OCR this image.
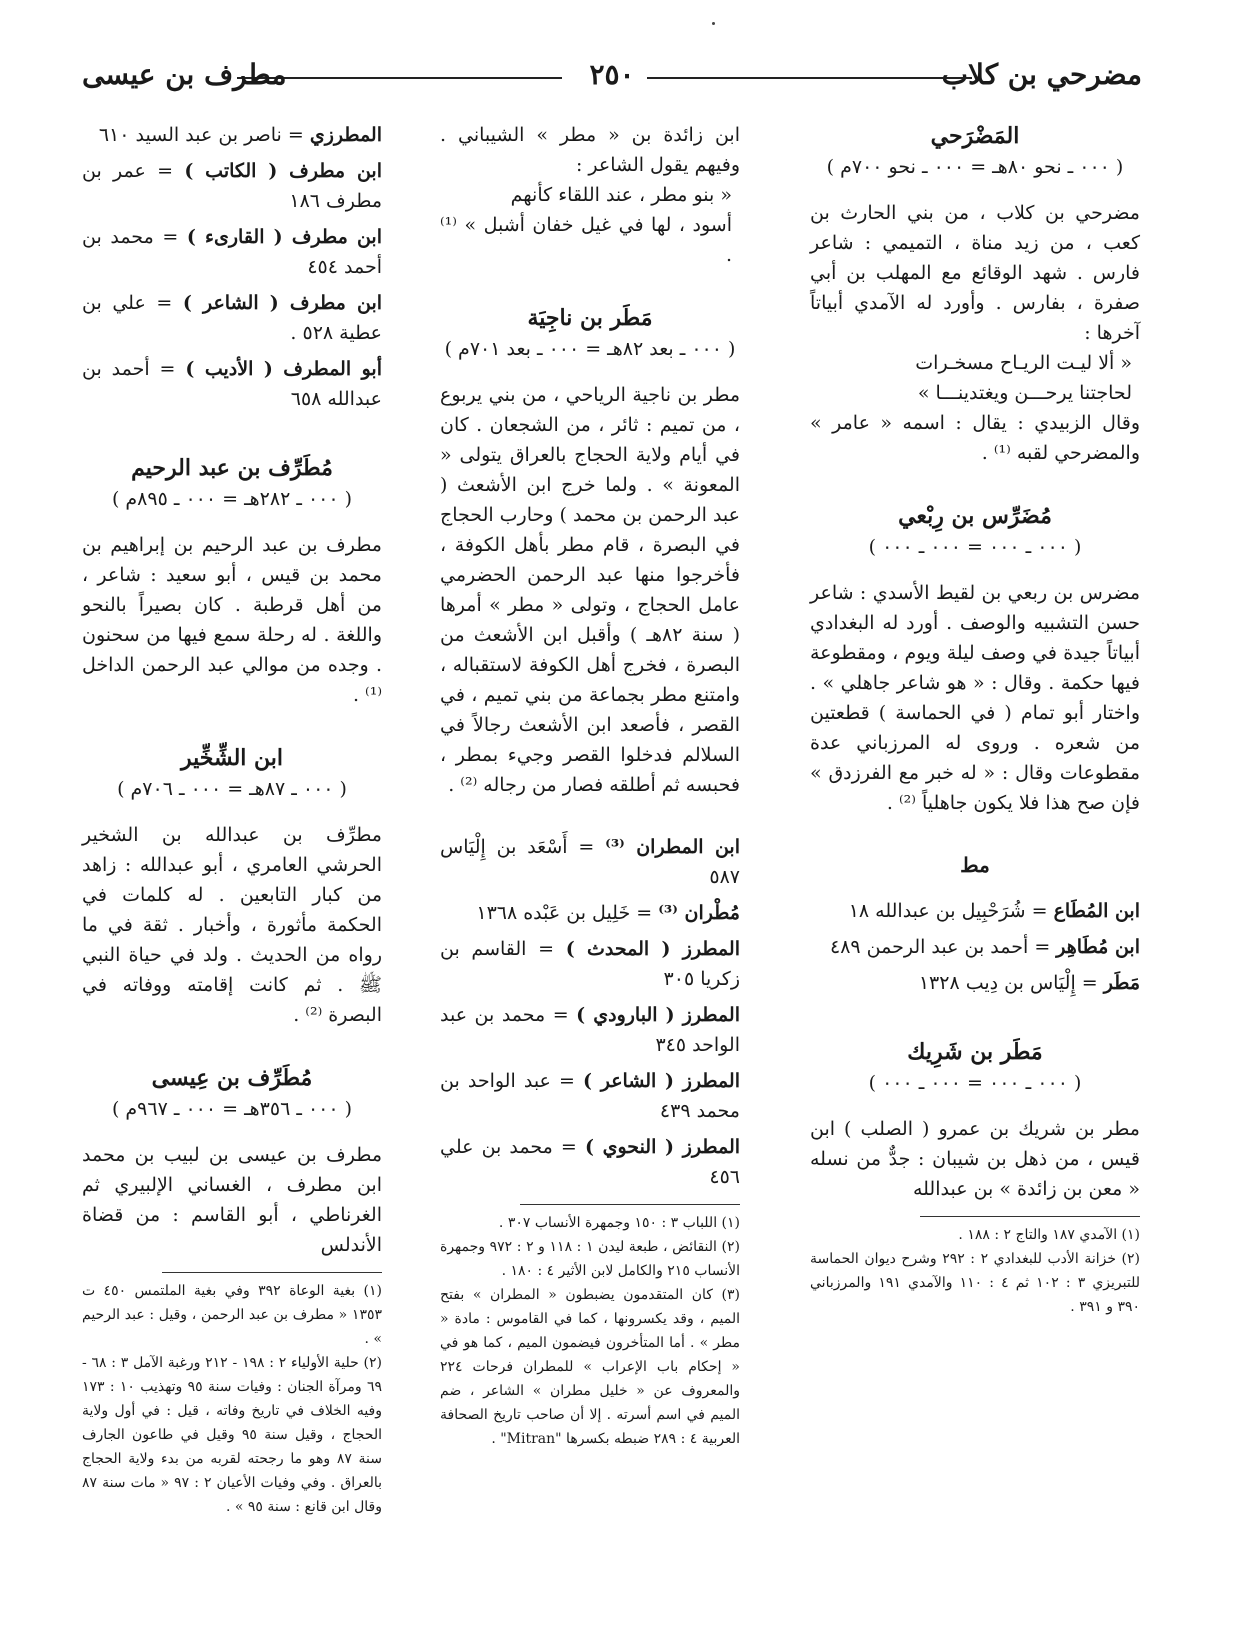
مضرحي بن كلاب
٢٥٠
مطرف بن عيسى
المَضْرَحي
( ٠٠٠ ـ نحو ٨٠هـ = ٠٠٠ ـ نحو ٧٠٠م )

مضرحي بن كلاب ، من بني الحارث بن كعب ، من زيد مناة ، التميمي : شاعر فارس . شهد الوقائع مع المهلب بن أبي صفرة ، بفارس . وأورد له الآمدي أبياتاً آخرها :

« ألا ليـت الريـاح مسخـرات
لحاجتنا يرحـــن ويغتدينـــا »

وقال الزبيدي : يقال : اسمه « عامر » والمضرحي لقبه ⁽¹⁾ .

مُضَرِّس بن رِبْعي
( ٠٠٠ ـ ٠٠٠ = ٠٠٠ ـ ٠٠٠ )

مضرس بن ربعي بن لقيط الأسدي : شاعر حسن التشبيه والوصف . أورد له البغدادي أبياتاً جيدة في وصف ليلة ويوم ، ومقطوعة فيها حكمة . وقال : « هو شاعر جاهلي » . واختار أبو تمام ( في الحماسة ) قطعتين من شعره . وروى له المرزباني عدة مقطوعات وقال : « له خبر مع الفرزدق » فإن صح هذا فلا يكون جاهلياً ⁽²⁾ .

مط
ابن المُطَاع = شُرَحْبِيل بن عبدالله ١٨
ابن مُطَاهِر = أحمد بن عبد الرحمن ٤٨٩
مَطَر = إِلْيَاس بن دِيب ١٣٢٨
مَطَر بن شَرِيك
( ٠٠٠ ـ ٠٠٠ = ٠٠٠ ـ ٠٠٠ )

مطر بن شريك بن عمرو ( الصلب ) ابن قيس ، من ذهل بن شيبان : جدٌّ من نسله « معن بن زائدة » بن عبدالله

(١) الآمدي ١٨٧ والتاج ٢ : ١٨٨ .
(٢) خزانة الأدب للبغدادي ٢ : ٢٩٢ وشرح ديوان الحماسة للتبريزي ٣ : ١٠٢ ثم ٤ : ١١٠ والآمدي ١٩١ والمرزباني ٣٩٠ و ٣٩١ .

ابن زائدة بن « مطر » الشيباني . وفيهم يقول الشاعر :

« بنو مطر ، عند اللقاء كأنهم
أسود ، لها في غيل خفان أشبل » ⁽¹⁾ .
مَطَر بن ناجِيَة
( ٠٠٠ ـ بعد ٨٢هـ = ٠٠٠ ـ بعد ٧٠١م )

مطر بن ناجية الرياحي ، من بني يربوع ، من تميم : ثائر ، من الشجعان . كان في أيام ولاية الحجاج بالعراق يتولى « المعونة » . ولما خرج ابن الأشعث ( عبد الرحمن بن محمد ) وحارب الحجاج في البصرة ، قام مطر بأهل الكوفة ، فأخرجوا منها عبد الرحمن الحضرمي عامل الحجاج ، وتولى « مطر » أمرها ( سنة ٨٢هـ ) وأقبل ابن الأشعث من البصرة ، فخرج أهل الكوفة لاستقباله ، وامتنع مطر بجماعة من بني تميم ، في القصر ، فأصعد ابن الأشعث رجالاً في السلالم فدخلوا القصر وجيء بمطر ، فحبسه ثم أطلقه فصار من رجاله ⁽²⁾ .

ابن المطران ⁽³⁾ = أَسْعَد بن إِلْيَاس ٥٨٧
مُطْران ⁽³⁾ = خَلِيل بن عَبْده ١٣٦٨
المطرز ( المحدث ) = القاسم بن زكريا ٣٠٥
المطرز ( البارودي ) = محمد بن عبد الواحد ٣٤٥
المطرز ( الشاعر ) = عبد الواحد بن محمد ٤٣٩
المطرز ( النحوي ) = محمد بن علي ٤٥٦
(١) اللباب ٣ : ١٥٠ وجمهرة الأنساب ٣٠٧ .
(٢) النقائض ، طبعة ليدن ١ : ١١٨ و ٢ : ٩٧٢ وجمهرة الأنساب ٢١٥ والكامل لابن الأثير ٤ : ١٨٠ .
(٣) كان المتقدمون يضبطون « المطران » بفتح الميم ، وقد يكسرونها ، كما في القاموس : مادة « مطر » . أما المتأخرون فيضمون الميم ، كما هو في « إحكام باب الإعراب » للمطران فرحات ٢٢٤ والمعروف عن « خليل مطران » الشاعر ، ضم الميم في اسم أسرته . إلا أن صاحب تاريخ الصحافة العربية ٤ : ٢٨٩ ضبطه بكسرها "Mitran" .
المطرزي = ناصر بن عبد السيد ٦١٠
ابن مطرف ( الكاتب ) = عمر بن مطرف ١٨٦
ابن مطرف ( القارىء ) = محمد بن أحمد ٤٥٤
ابن مطرف ( الشاعر ) = علي بن عطية ٥٢٨ .
أبو المطرف ( الأديب ) = أحمد بن عبدالله ٦٥٨
مُطَرِّف بن عبد الرحيم
( ٠٠٠ ـ ٢٨٢هـ = ٠٠٠ ـ ٨٩٥م )

مطرف بن عبد الرحيم بن إبراهيم بن محمد بن قيس ، أبو سعيد : شاعر ، من أهل قرطبة . كان بصيراً بالنحو واللغة . له رحلة سمع فيها من سحنون . وجده من موالي عبد الرحمن الداخل ⁽¹⁾ .

ابن الشِّخِّير
( ٠٠٠ ـ ٨٧هـ = ٠٠٠ ـ ٧٠٦م )

مطرِّف بن عبدالله بن الشخير الحرشي العامري ، أبو عبدالله : زاهد من كبار التابعين . له كلمات في الحكمة مأثورة ، وأخبار . ثقة في ما رواه من الحديث . ولد في حياة النبي ﷺ . ثم كانت إقامته ووفاته في البصرة ⁽²⁾ .

مُطَرِّف بن عِيسى
( ٠٠٠ ـ ٣٥٦هـ = ٠٠٠ ـ ٩٦٧م )

مطرف بن عيسى بن لبيب بن محمد ابن مطرف ، الغساني الإلبيري ثم الغرناطي ، أبو القاسم : من قضاة الأندلس

(١) بغية الوعاة ٣٩٢ وفي بغية الملتمس ٤٥٠ ت ١٣٥٣ « مطرف بن عبد الرحمن ، وقيل : عبد الرحيم » .
(٢) حلية الأولياء ٢ : ١٩٨ - ٢١٢ ورغبة الآمل ٣ : ٦٨ - ٦٩ ومرآة الجنان : وفيات سنة ٩٥ وتهذيب ١٠ : ١٧٣ وفيه الخلاف في تاريخ وفاته ، قيل : في أول ولاية الحجاج ، وقيل سنة ٩٥ وقيل في طاعون الجارف سنة ٨٧ وهو ما رجحته لقربه من بدء ولاية الحجاج بالعراق . وفي وفيات الأعيان ٢ : ٩٧ « مات سنة ٨٧ وقال ابن قانع : سنة ٩٥ » .
